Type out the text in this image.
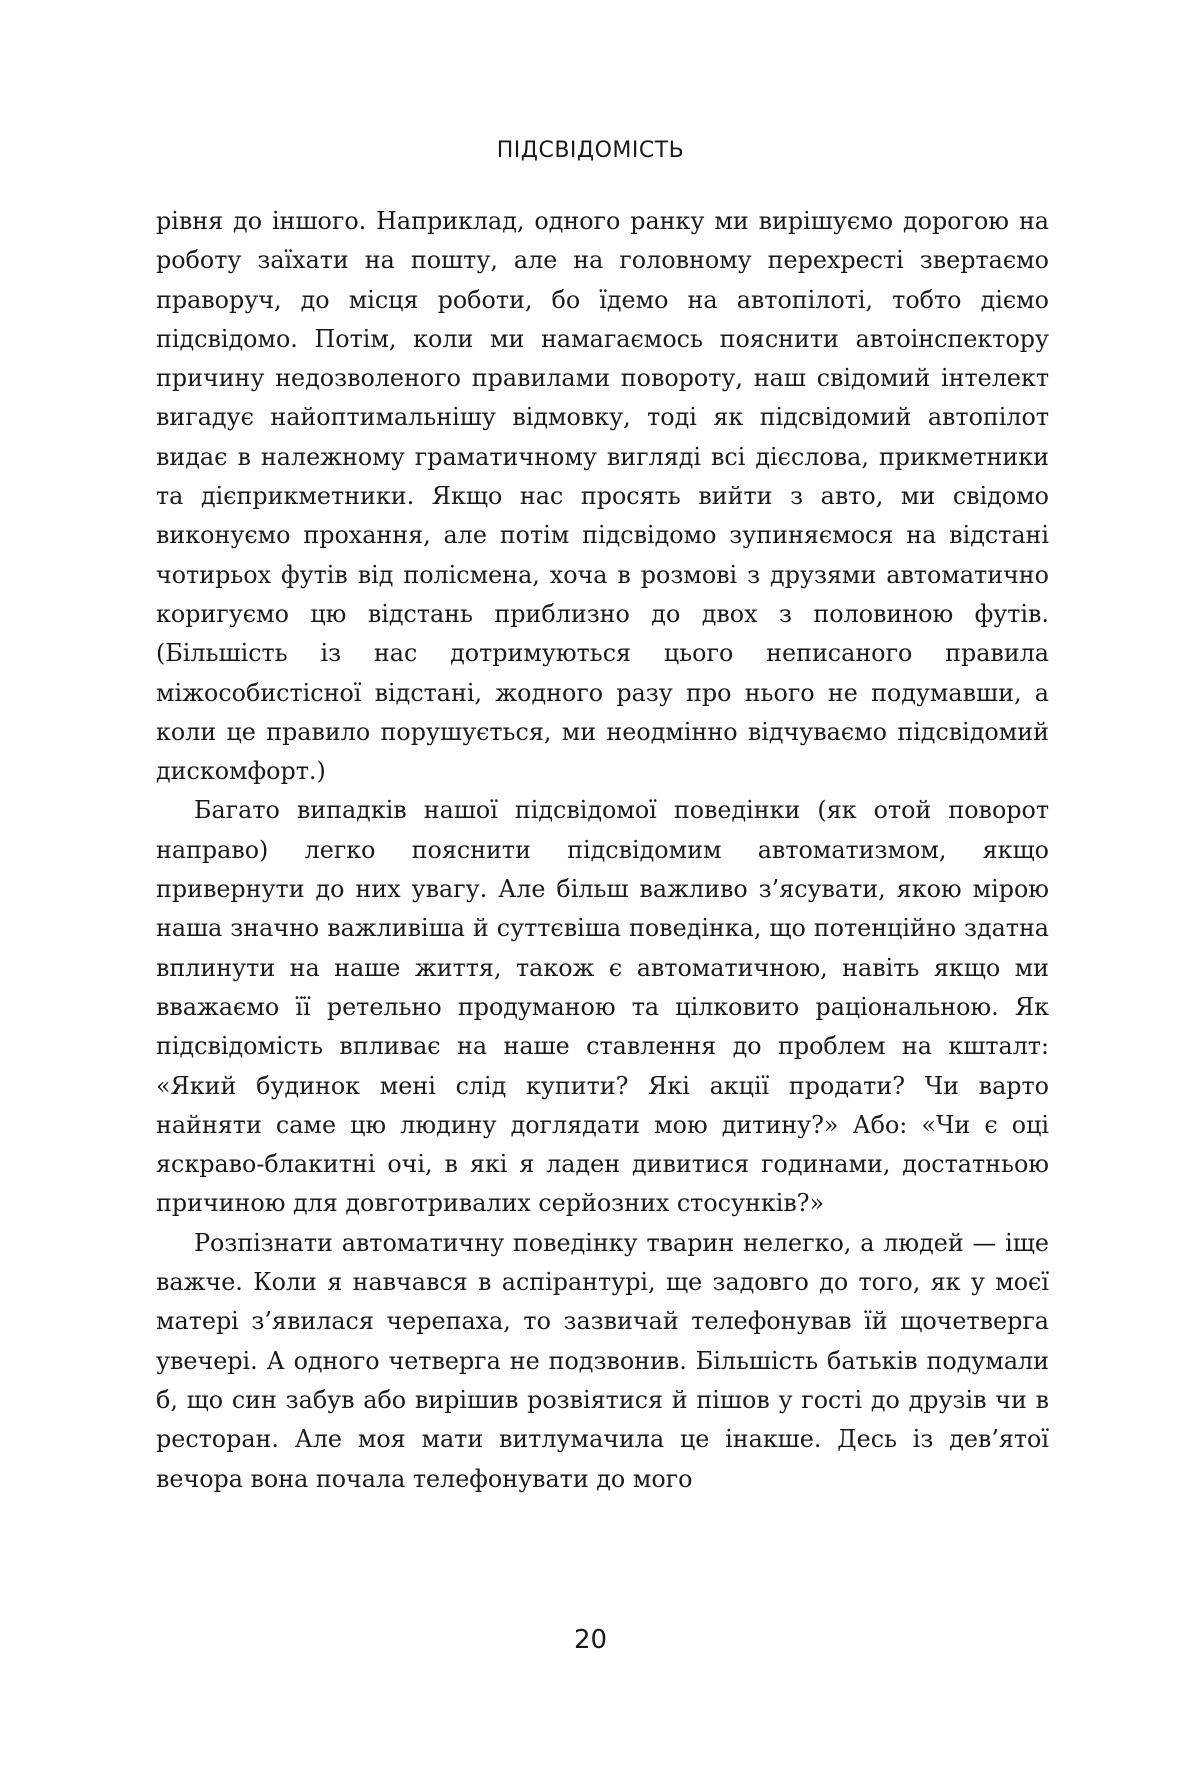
ПІДСВІДОМІСТЬ

рівня до іншого. Наприклад, одного ранку ми вирішуємо дорогою на роботу заїхати на пошту, але на головному перехресті звертаємо праворуч, до місця роботи, бо їдемо на автопілоті, тобто діємо підсвідомо. Потім, коли ми намагаємось пояснити автоінспектору причину недозволеного правилами повороту, наш свідомий інтелект вигадує найоптимальнішу відмовку, тоді як підсвідомий автопілот видає в належному граматичному вигляді всі дієслова, прикметники та дієприкметники. Якщо нас просять вийти з авто, ми свідомо виконуємо прохання, але потім підсвідомо зупиняємося на відстані чотирьох футів від полісмена, хоча в розмові з друзями автоматично коригуємо цю відстань приблизно до двох з половиною футів. (Більшість із нас дотримуються цього неписаного правила міжособистісної відстані, жодного разу про нього не подумавши, а коли це правило порушується, ми неодмінно відчуваємо підсвідомий дискомфорт.)

Багато випадків нашої підсвідомої поведінки (як отой поворот направо) легко пояснити підсвідомим автоматизмом, якщо привернути до них увагу. Але більш важливо з’ясувати, якою мірою наша значно важливіша й суттєвіша поведінка, що потенційно здатна вплинути на наше життя, також є автоматичною, навіть якщо ми вважаємо її ретельно продуманою та цілковито раціональною. Як підсвідомість впливає на наше ставлення до проблем на кшталт: «Який будинок мені слід купити? Які акції продати? Чи варто найняти саме цю людину доглядати мою дитину?» Або: «Чи є оці яскраво-блакитні очі, в які я ладен дивитися годинами, достатньою причиною для довготривалих серйозних стосунків?»

Розпізнати автоматичну поведінку тварин нелегко, а людей — іще важче. Коли я навчався в аспірантурі, ще задовго до того, як у моєї матері з’явилася черепаха, то зазвичай телефонував їй щочетверга увечері. А одного четверга не подзвонив. Більшість батьків подумали б, що син забув або вирішив розвіятися й пішов у гості до друзів чи в ресторан. Але моя мати витлумачила це інакше. Десь із дев’ятої вечора вона почала телефонувати до мого

20
